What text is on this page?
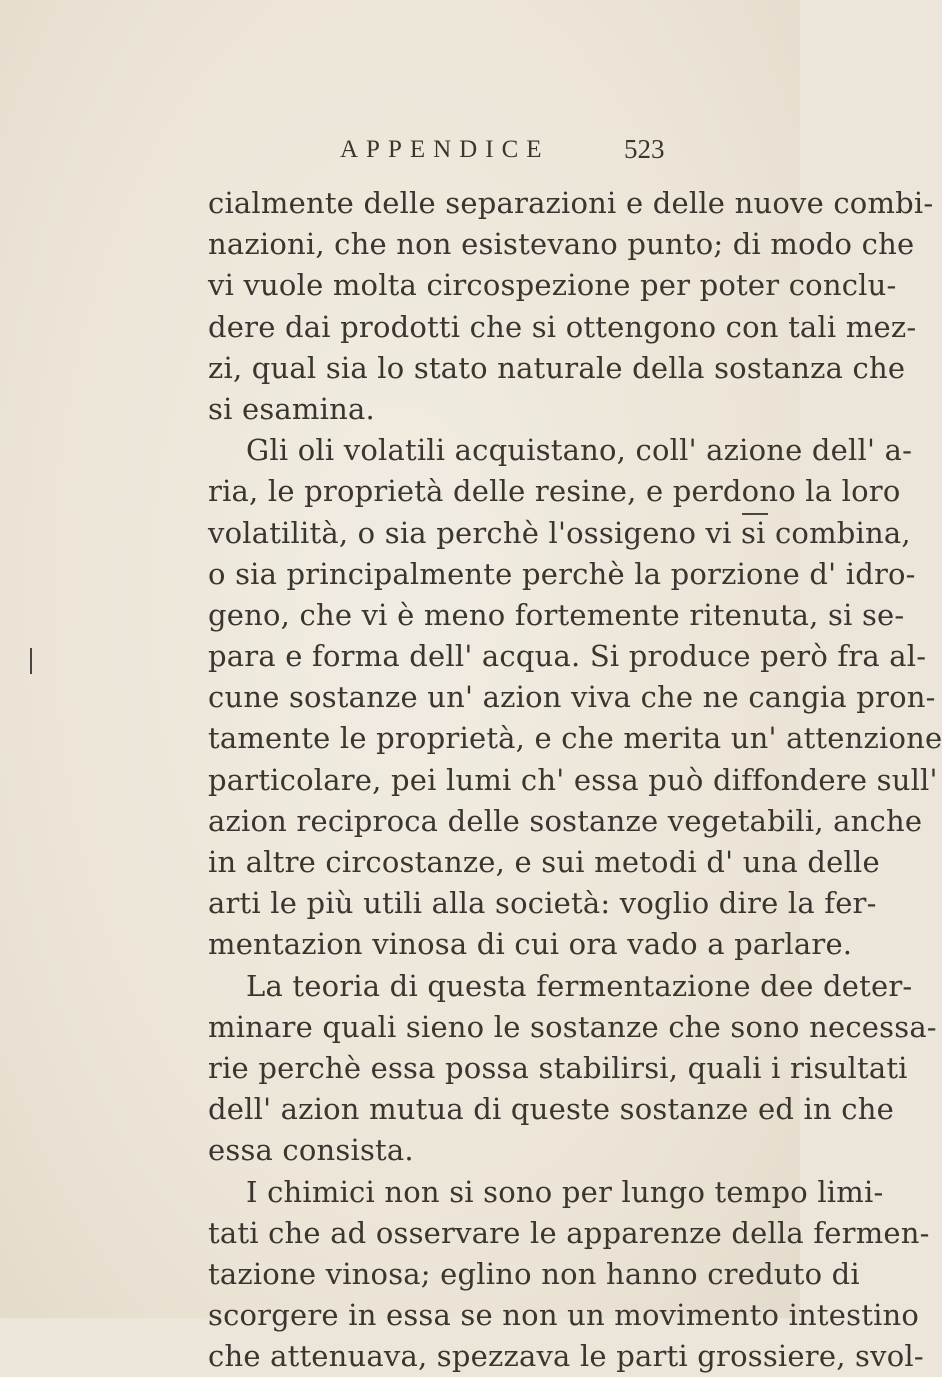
APPENDICE	523
cialmente delle separazioni e delle nuove combi-
nazioni, che non esistevano punto; di modo che
vi vuole molta circospezione per poter conclu-
dere dai prodotti che si ottengono con tali mez-
zi, qual sia lo stato naturale della sostanza che
si esamina.
Gli oli volatili acquistano, coll' azione dell' a-
ria, le proprietà delle resine, e perdono la loro
volatilità, o sia perchè l'ossigeno vi si combina,
o sia principalmente perchè la porzione d' idro-
geno, che vi è meno fortemente ritenuta, si se-
para e forma dell' acqua. Si produce però fra al-
cune sostanze un' azion viva che ne cangia pron-
tamente le proprietà, e che merita un' attenzione
particolare, pei lumi ch' essa può diffondere sull'
azion reciproca delle sostanze vegetabili, anche
in altre circostanze, e sui metodi d' una delle
arti le più utili alla società: voglio dire la fer-
mentazion vinosa di cui ora vado a parlare.
La teoria di questa fermentazione dee deter-
minare quali sieno le sostanze che sono necessa-
rie perchè essa possa stabilirsi, quali i risultati
dell' azion mutua di queste sostanze ed in che
essa consista.
I chimici non si sono per lungo tempo limi-
tati che ad osservare le apparenze della fermen-
tazione vinosa; eglino non hanno creduto di
scorgere in essa se non un movimento intestino
che attenuava, spezzava le parti grossiere, svol-
